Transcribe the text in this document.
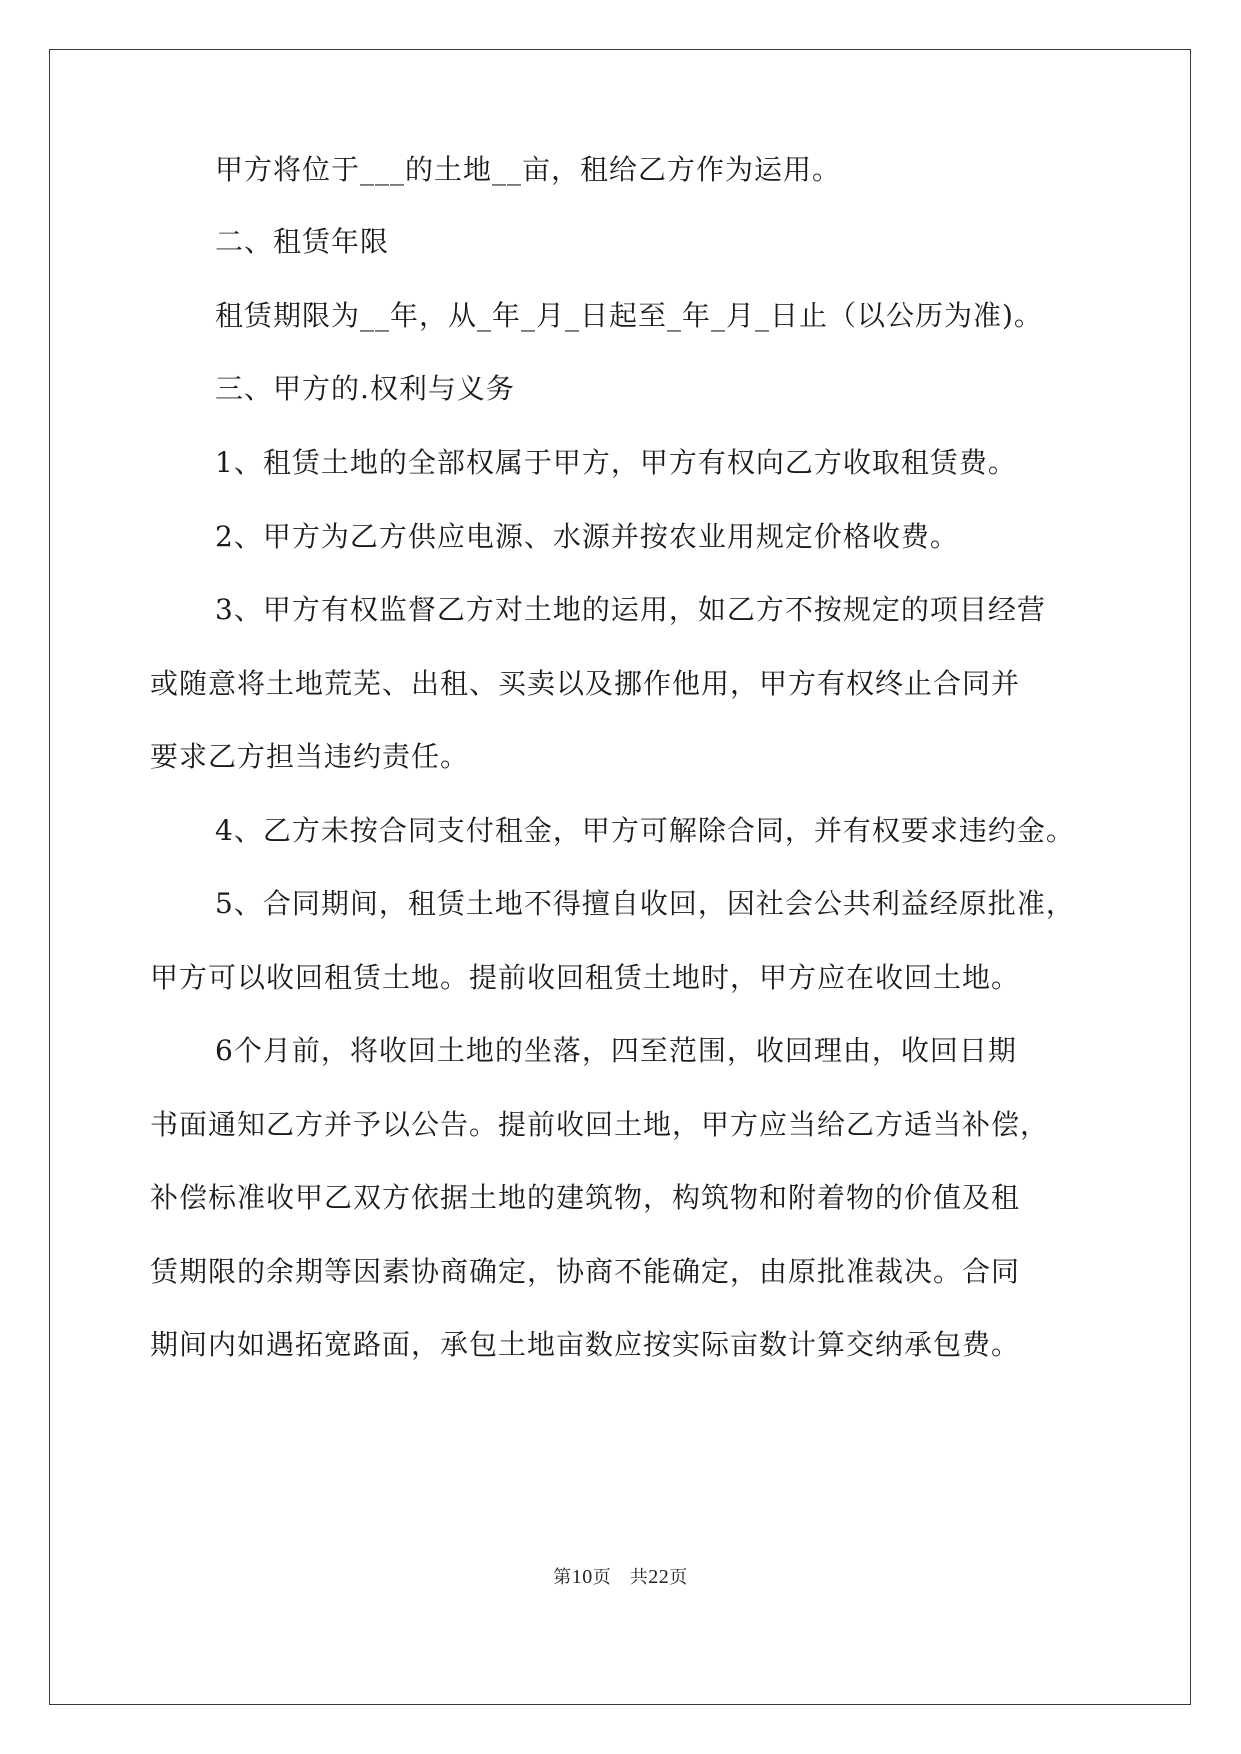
甲方将位于___的土地__亩，租给乙方作为运用。
二、租赁年限
租赁期限为__年，从_年_月_日起至_年_月_日止（以公历为准)。
三、甲方的.权利与义务
1、租赁土地的全部权属于甲方，甲方有权向乙方收取租赁费。
2、甲方为乙方供应电源、水源并按农业用规定价格收费。
3、甲方有权监督乙方对土地的运用，如乙方不按规定的项目经营
或随意将土地荒芜、出租、买卖以及挪作他用，甲方有权终止合同并
要求乙方担当违约责任。
4、乙方未按合同支付租金，甲方可解除合同，并有权要求违约金。
5、合同期间，租赁土地不得擅自收回，因社会公共利益经原批准，
甲方可以收回租赁土地。提前收回租赁土地时，甲方应在收回土地。
6个月前，将收回土地的坐落，四至范围，收回理由，收回日期
书面通知乙方并予以公告。提前收回土地，甲方应当给乙方适当补偿，
补偿标准收甲乙双方依据土地的建筑物，构筑物和附着物的价值及租
赁期限的余期等因素协商确定，协商不能确定，由原批准裁决。合同
期间内如遇拓宽路面，承包土地亩数应按实际亩数计算交纳承包费。
第10页　共22页
